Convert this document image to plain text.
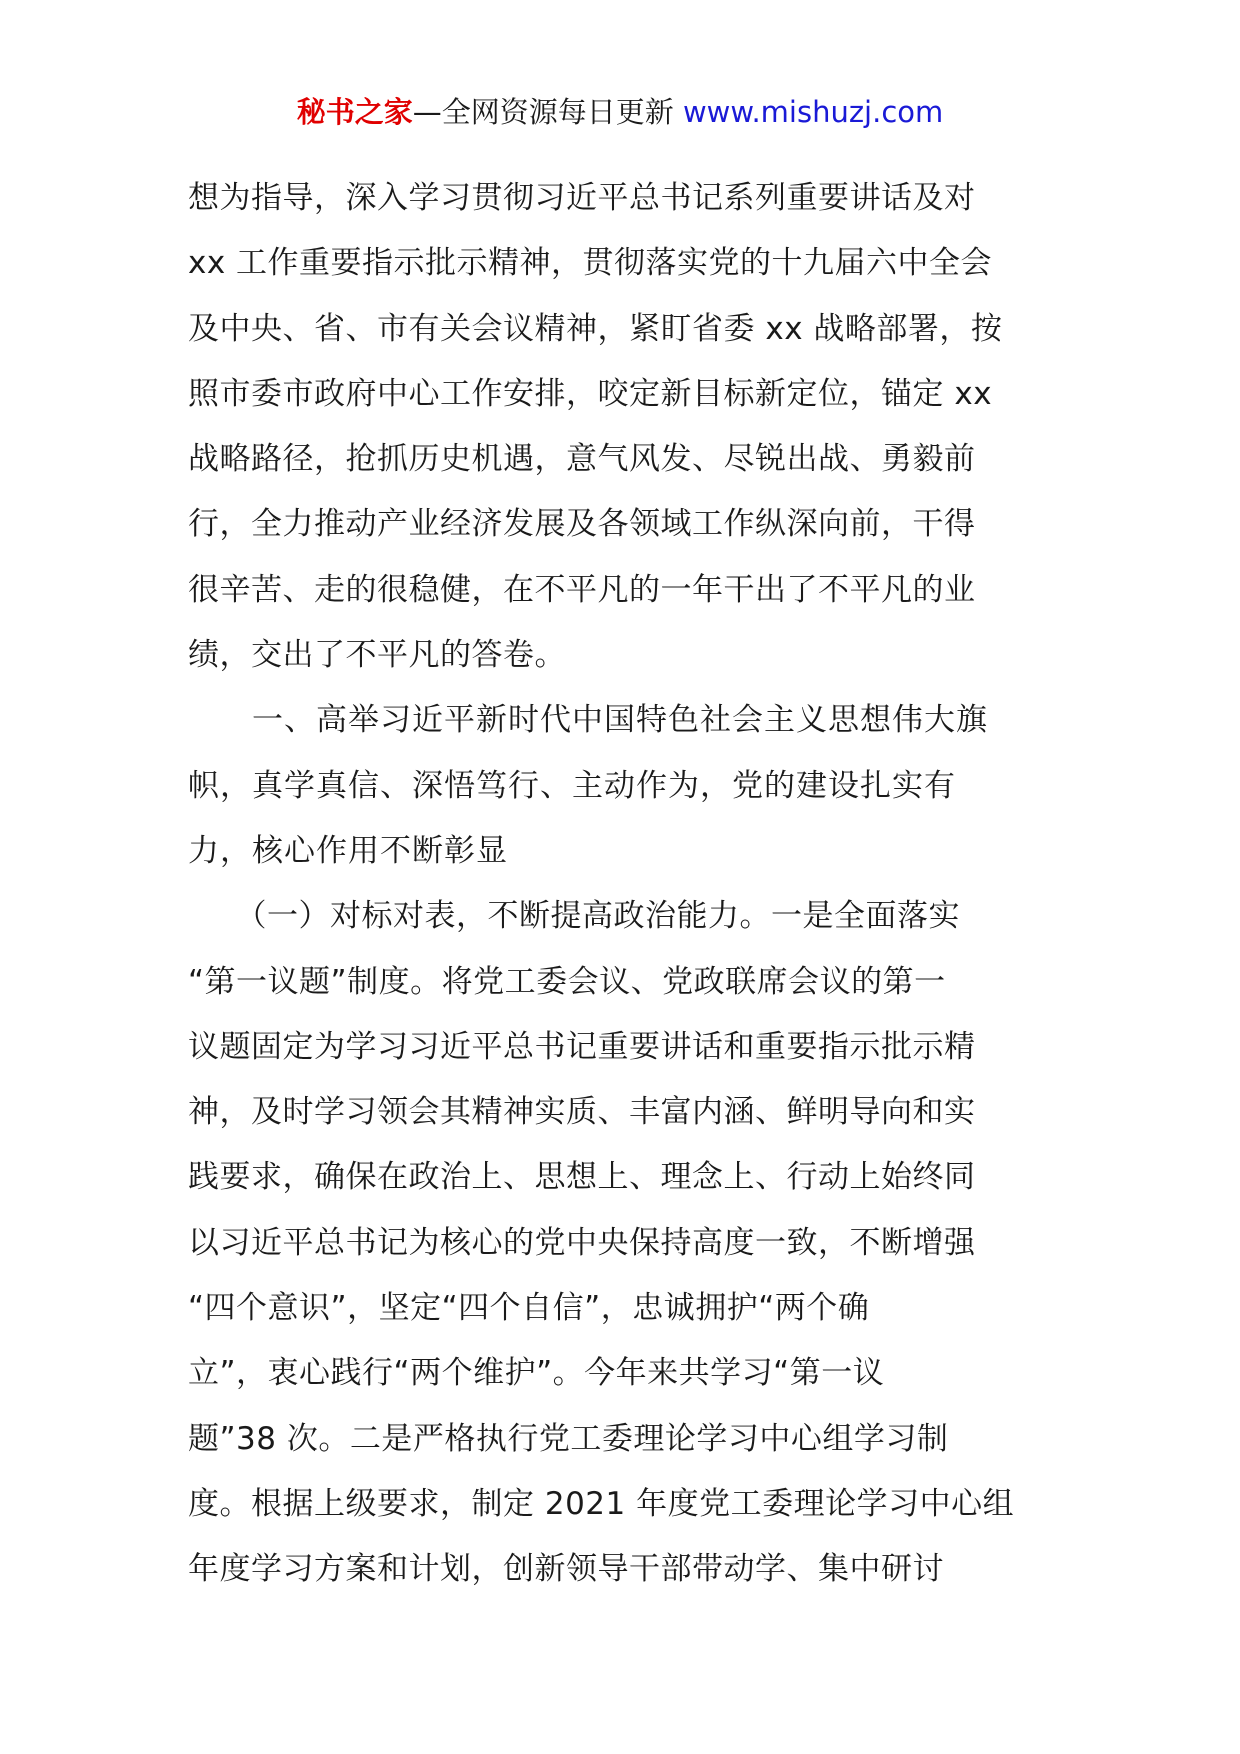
秘书之家—全网资源每日更新 www.mishuzj.com
想为指导，深入学习贯彻习近平总书记系列重要讲话及对
xx 工作重要指示批示精神，贯彻落实党的十九届六中全会
及中央、省、市有关会议精神，紧盯省委 xx 战略部署，按
照市委市政府中心工作安排，咬定新目标新定位，锚定 xx
战略路径，抢抓历史机遇，意气风发、尽锐出战、勇毅前
行，全力推动产业经济发展及各领域工作纵深向前，干得
很辛苦、走的很稳健，在不平凡的一年干出了不平凡的业
绩，交出了不平凡的答卷。
　　一、高举习近平新时代中国特色社会主义思想伟大旗
帜，真学真信、深悟笃行、主动作为，党的建设扎实有
力，核心作用不断彰显
　　（一）对标对表，不断提高政治能力。一是全面落实
“第一议题”制度。将党工委会议、党政联席会议的第一
议题固定为学习习近平总书记重要讲话和重要指示批示精
神，及时学习领会其精神实质、丰富内涵、鲜明导向和实
践要求，确保在政治上、思想上、理念上、行动上始终同
以习近平总书记为核心的党中央保持高度一致，不断增强
“四个意识”，坚定“四个自信”，忠诚拥护“两个确
立”，衷心践行“两个维护”。今年来共学习“第一议
题”38 次。二是严格执行党工委理论学习中心组学习制
度。根据上级要求，制定 2021 年度党工委理论学习中心组
年度学习方案和计划，创新领导干部带动学、集中研讨
